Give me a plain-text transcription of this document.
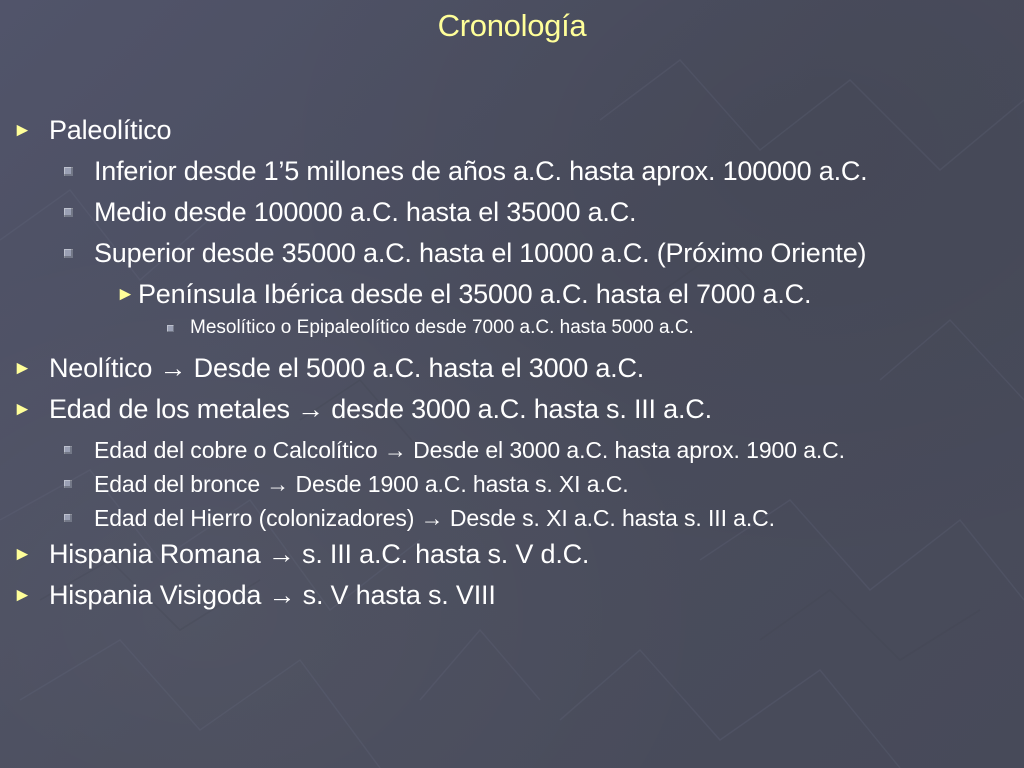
Cronología
► Paleolítico
Inferior desde 1’5 millones de años a.C. hasta aprox. 100000 a.C.
Medio desde 100000 a.C. hasta el 35000 a.C.
Superior desde 35000 a.C. hasta el 10000 a.C. (Próximo Oriente)
► Península Ibérica desde el 35000 a.C. hasta el 7000 a.C.
Mesolítico o Epipaleolítico desde 7000 a.C. hasta 5000 a.C.
► Neolítico → Desde el 5000 a.C. hasta el 3000 a.C.
► Edad de los metales → desde 3000 a.C. hasta s. III a.C.
Edad del cobre o Calcolítico → Desde el 3000 a.C. hasta aprox. 1900 a.C.
Edad del bronce → Desde 1900 a.C. hasta s. XI a.C.
Edad del Hierro (colonizadores) → Desde s. XI a.C. hasta s. III a.C.
► Hispania Romana → s. III a.C. hasta s. V d.C.
► Hispania Visigoda → s. V hasta s. VIII
